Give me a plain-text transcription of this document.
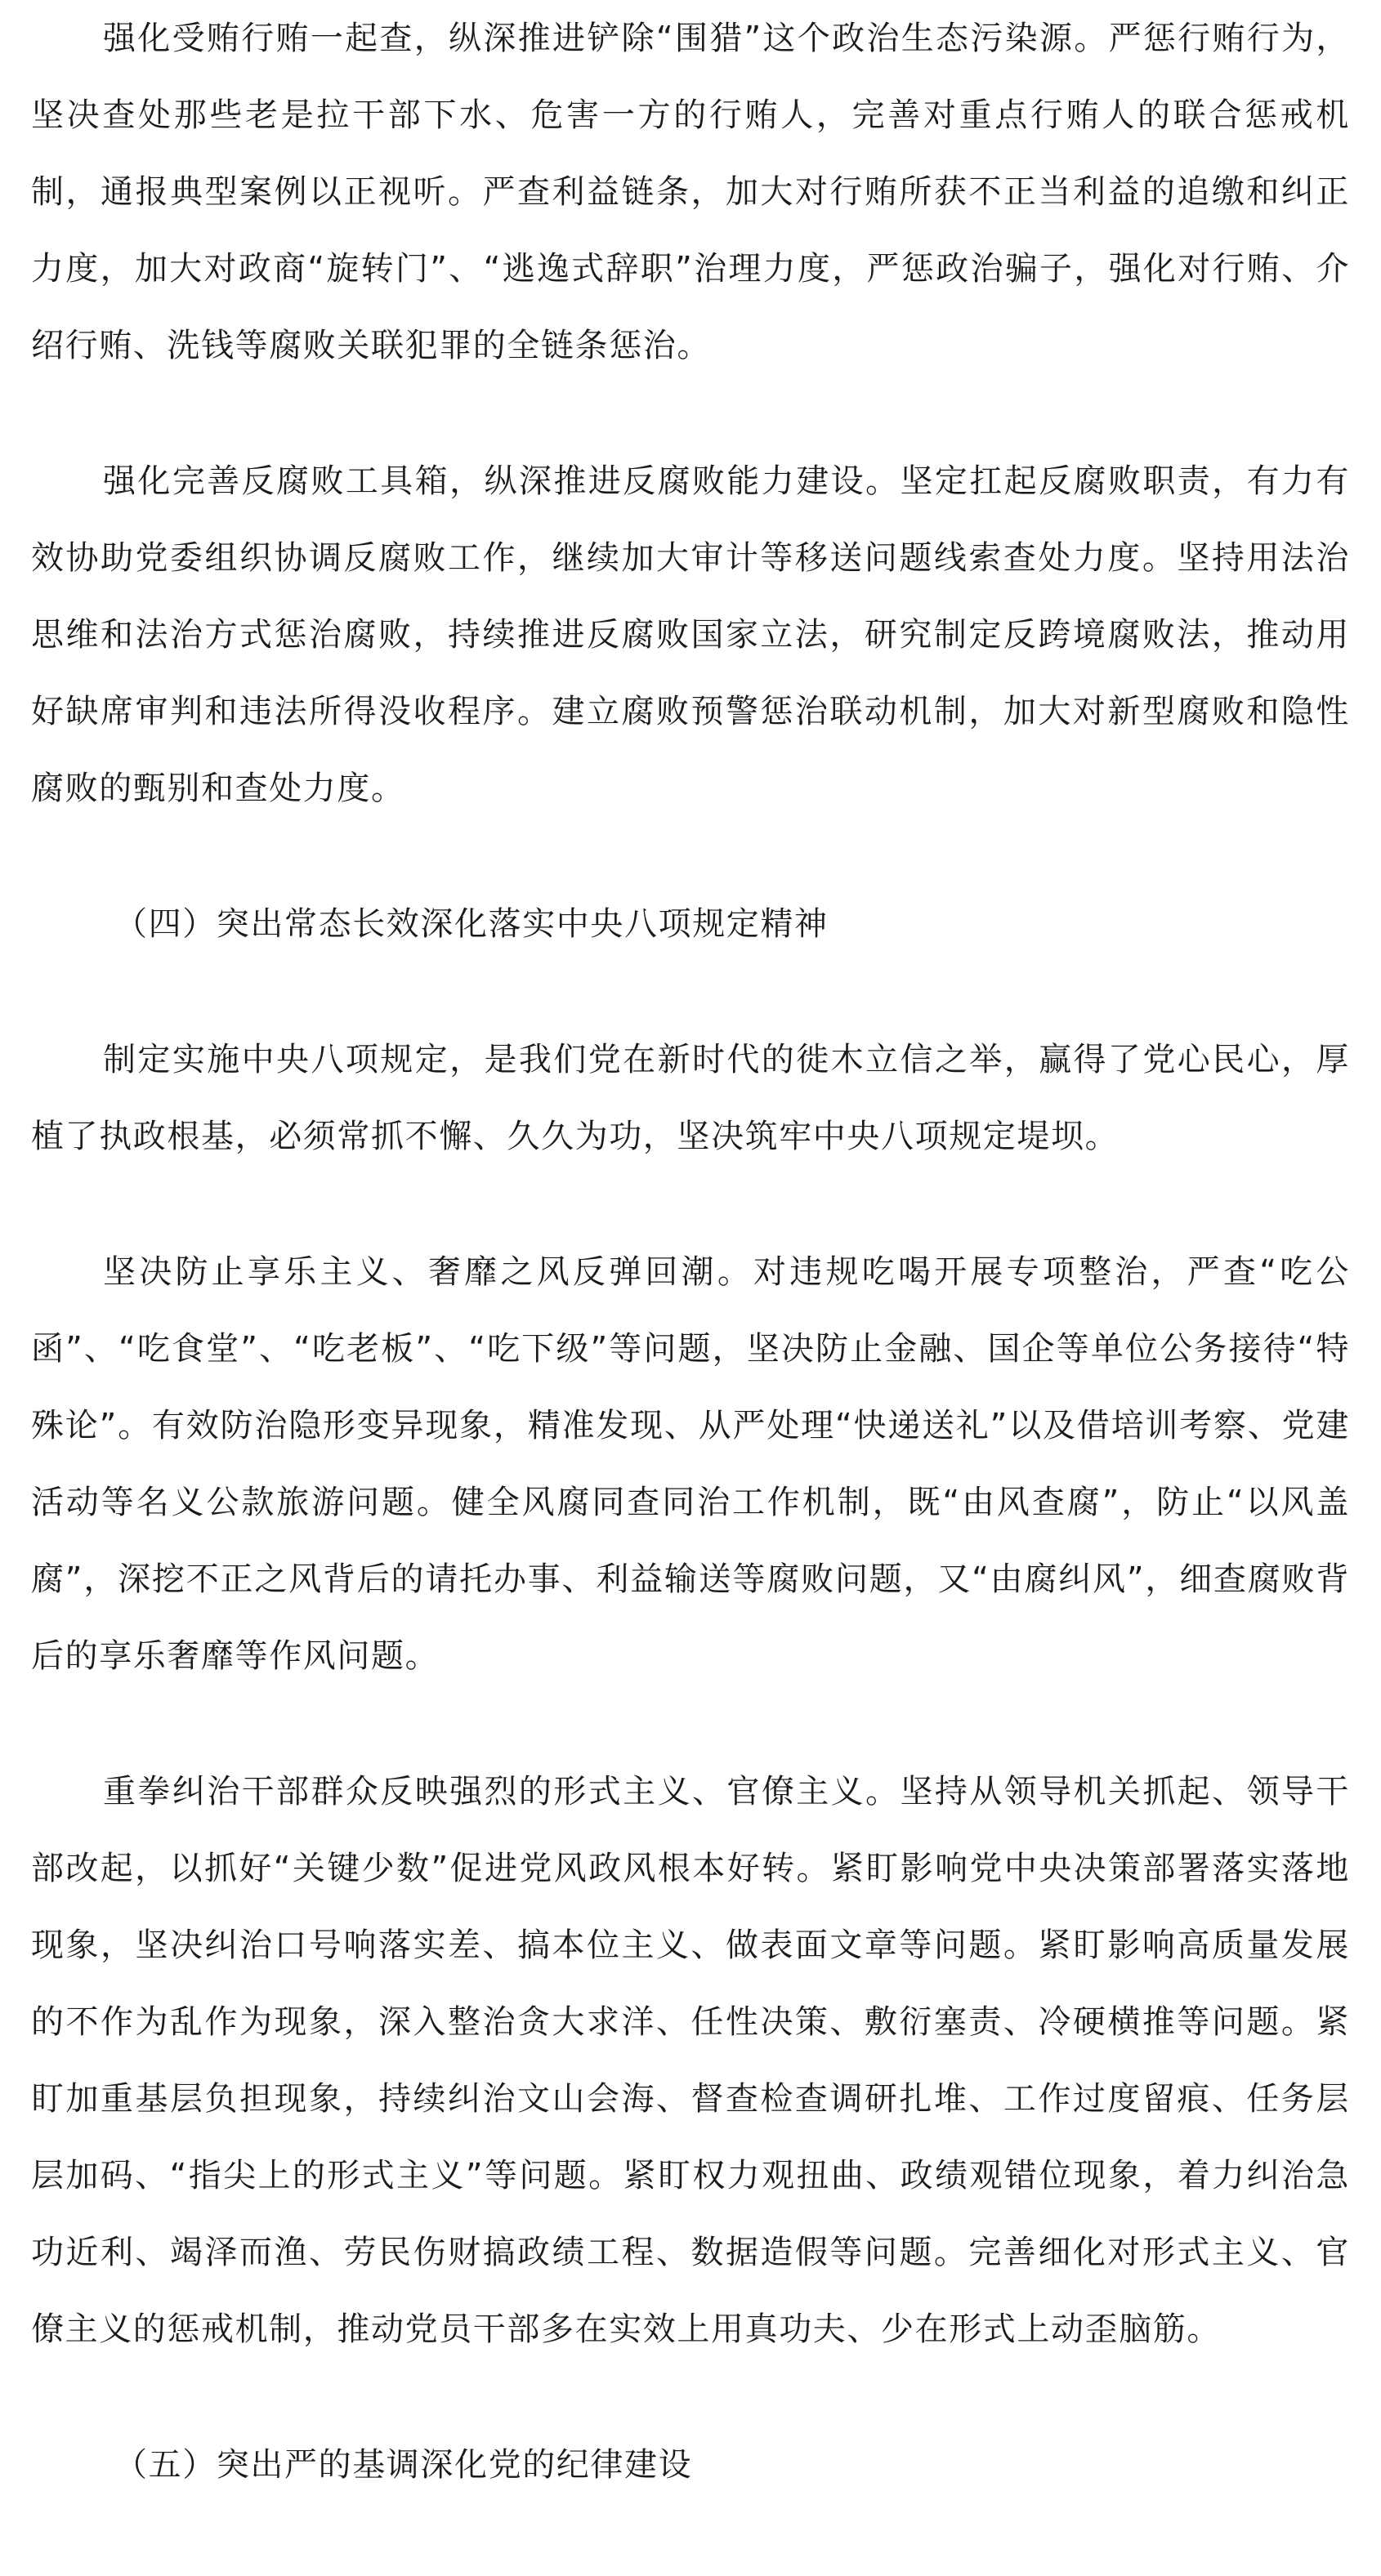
强化受贿行贿一起查，纵深推进铲除“围猎”这个政治生态污染源。严惩行贿行为，坚决查处那些老是拉干部下水、危害一方的行贿人，完善对重点行贿人的联合惩戒机制，通报典型案例以正视听。严查利益链条，加大对行贿所获不正当利益的追缴和纠正力度，加大对政商“旋转门”、“逃逸式辞职”治理力度，严惩政治骗子，强化对行贿、介绍行贿、洗钱等腐败关联犯罪的全链条惩治。

强化完善反腐败工具箱，纵深推进反腐败能力建设。坚定扛起反腐败职责，有力有效协助党委组织协调反腐败工作，继续加大审计等移送问题线索查处力度。坚持用法治思维和法治方式惩治腐败，持续推进反腐败国家立法，研究制定反跨境腐败法，推动用好缺席审判和违法所得没收程序。建立腐败预警惩治联动机制，加大对新型腐败和隐性腐败的甄别和查处力度。

（四）突出常态长效深化落实中央八项规定精神

制定实施中央八项规定，是我们党在新时代的徙木立信之举，赢得了党心民心，厚植了执政根基，必须常抓不懈、久久为功，坚决筑牢中央八项规定堤坝。

坚决防止享乐主义、奢靡之风反弹回潮。对违规吃喝开展专项整治，严查“吃公函”、“吃食堂”、“吃老板”、“吃下级”等问题，坚决防止金融、国企等单位公务接待“特殊论”。有效防治隐形变异现象，精准发现、从严处理“快递送礼”以及借培训考察、党建活动等名义公款旅游问题。健全风腐同查同治工作机制，既“由风查腐”，防止“以风盖腐”，深挖不正之风背后的请托办事、利益输送等腐败问题，又“由腐纠风”，细查腐败背后的享乐奢靡等作风问题。

重拳纠治干部群众反映强烈的形式主义、官僚主义。坚持从领导机关抓起、领导干部改起，以抓好“关键少数”促进党风政风根本好转。紧盯影响党中央决策部署落实落地现象，坚决纠治口号响落实差、搞本位主义、做表面文章等问题。紧盯影响高质量发展的不作为乱作为现象，深入整治贪大求洋、任性决策、敷衍塞责、冷硬横推等问题。紧盯加重基层负担现象，持续纠治文山会海、督查检查调研扎堆、工作过度留痕、任务层层加码、“指尖上的形式主义”等问题。紧盯权力观扭曲、政绩观错位现象，着力纠治急功近利、竭泽而渔、劳民伤财搞政绩工程、数据造假等问题。完善细化对形式主义、官僚主义的惩戒机制，推动党员干部多在实效上用真功夫、少在形式上动歪脑筋。

（五）突出严的基调深化党的纪律建设
